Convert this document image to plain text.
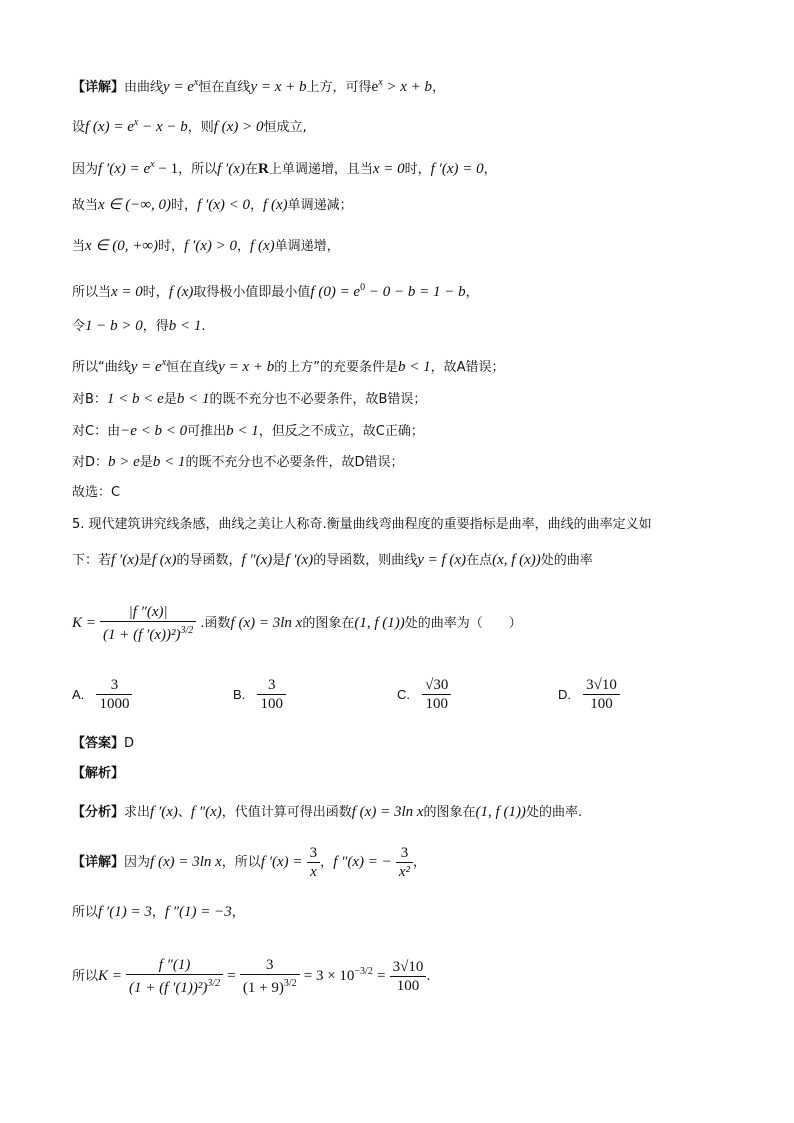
【详解】由曲线$y = e^x$恒在直线y = x + b上方，可得$e^x > x + b$，
设f $(x) = e^x - x - b$，则f (x) > 0恒成立,
因为f $'(x) = e^x - 1$，所以f ′(x)在R上单调递增，且当x = 0时，f ′(x) = 0，
故当x ∈ (−∞, 0)时，f ′(x) < 0，f (x)单调递减；
当x ∈ (0, +∞)时，f ′(x) > 0，f (x)单调递增，
所以当x = 0时，f (x)取得极小值即最小值f $(0) = e^0 - 0 - b = 1 - b$，
令1 − b > 0，得b < 1.
所以“曲线$y = e^x$恒在直线y = x + b的上方”的充要条件是b < 1，故A错误；
对B：1 < b < e是b < 1的既不充分也不必要条件，故B错误；
对C：由−e < b < 0可推出b < 1，但反之不成立，故C正确；
对D：b > e是b < 1的既不充分也不必要条件，故D错误；
故选：C
5. 现代建筑讲究线条感，曲线之美让人称奇.衡量曲线弯曲程度的重要指标是曲率，曲线的曲率定义如
下：若f ′(x)是f (x)的导函数，f ″(x)是f ′(x)的导函数，则曲线y = f (x)在点(x, f (x))处的曲率
$K = \frac{|f ''(x)|}{(1 + (f '(x))^2)^{3/2}}$ .函数f (x) = 3ln x的图象在(1, f (1))处的曲率为（　　）
A. $\frac{3}{1000}$	B. $\frac{3}{100}$	C. $\frac{√30}{100}$	D. $\frac{3√10}{100}$
【答案】D
【解析】
【分析】求出f ′(x)、f ″(x)，代值计算可得出函数f (x) = 3ln x的图象在(1, f (1))处的曲率.
【详解】因为f (x) = 3ln x，所以f $'(x) = \frac{3}{x}$ ，f ″(x) = − $\frac{3}{\text{x²}}$ ，
所以f ′(1) = 3，f ″(1) = −3，
所以$K = \frac{f ''(1)}{(1 + (f '(1))^2)^{3/2}} = \frac{3}{(1 + 9)^{3/2}} = 3 \times 10^{-3/2} = \frac{3√10}{100}$ .
